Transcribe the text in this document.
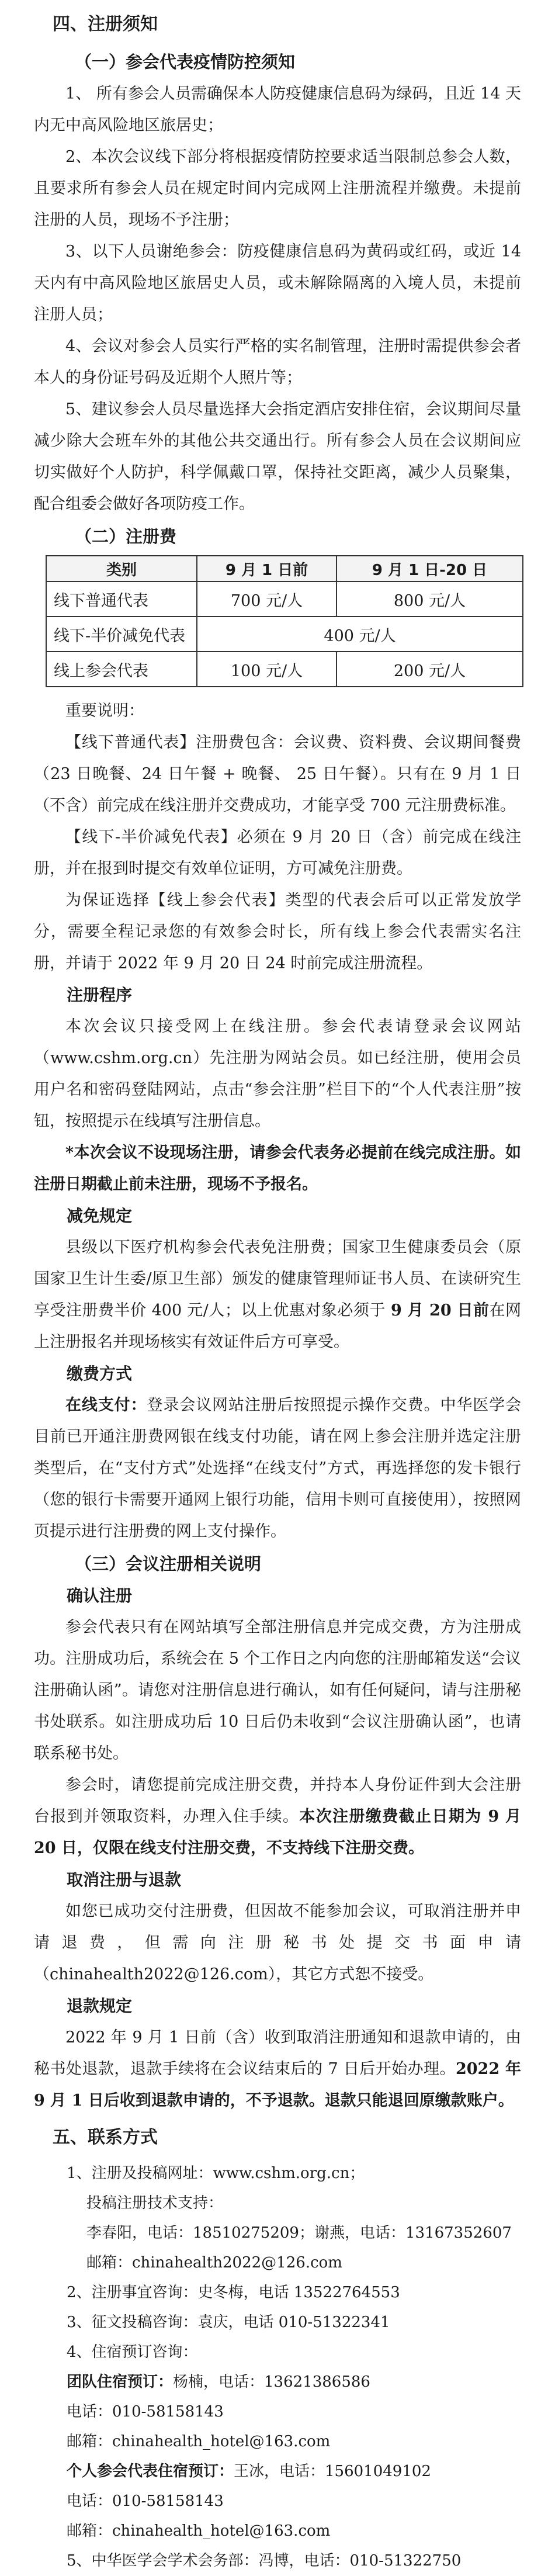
四、注册须知
（一）参会代表疫情防控须知

1、 所有参会人员需确保本人防疫健康信息码为绿码，且近 14 天内无中高风险地区旅居史；

2、本次会议线下部分将根据疫情防控要求适当限制总参会人数，且要求所有参会人员在规定时间内完成网上注册流程并缴费。未提前注册的人员，现场不予注册；

3、以下人员谢绝参会：防疫健康信息码为黄码或红码，或近 14 天内有中高风险地区旅居史人员，或未解除隔离的入境人员，未提前注册人员；

4、会议对参会人员实行严格的实名制管理，注册时需提供参会者本人的身份证号码及近期个人照片等；

5、建议参会人员尽量选择大会指定酒店安排住宿，会议期间尽量减少除大会班车外的其他公共交通出行。所有参会人员在会议期间应切实做好个人防护，科学佩戴口罩，保持社交距离，减少人员聚集，配合组委会做好各项防疫工作。

（二）注册费
类别	9 月 1 日前	9 月 1 日-20 日
线下普通代表	700 元/人	800 元/人
线下-半价减免代表	400 元/人	
线上参会代表	100 元/人	200 元/人

重要说明：

【线下普通代表】注册费包含：会议费、资料费、会议期间餐费（23 日晚餐、24 日午餐 + 晚餐、 25 日午餐）。只有在 9 月 1 日（不含）前完成在线注册并交费成功，才能享受 700 元注册费标准。

【线下-半价减免代表】必须在 9 月 20 日（含）前完成在线注册，并在报到时提交有效单位证明，方可减免注册费。

为保证选择【线上参会代表】类型的代表会后可以正常发放学分，需要全程记录您的有效参会时长，所有线上参会代表需实名注册，并请于 2022 年 9 月 20 日 24 时前完成注册流程。

注册程序

本次会议只接受网上在线注册。参会代表请登录会议网站（www.cshm.org.cn）先注册为网站会员。如已经注册，使用会员用户名和密码登陆网站，点击“参会注册”栏目下的“个人代表注册”按钮，按照提示在线填写注册信息。

*本次会议不设现场注册，请参会代表务必提前在线完成注册。如注册日期截止前未注册，现场不予报名。

减免规定

县级以下医疗机构参会代表免注册费；国家卫生健康委员会（原国家卫生计生委/原卫生部）颁发的健康管理师证书人员、在读研究生享受注册费半价 400 元/人；以上优惠对象必须于 9 月 20 日前在网上注册报名并现场核实有效证件后方可享受。

缴费方式

在线支付：登录会议网站注册后按照提示操作交费。中华医学会目前已开通注册费网银在线支付功能，请在网上参会注册并选定注册类型后，在“支付方式”处选择“在线支付”方式，再选择您的发卡银行（您的银行卡需要开通网上银行功能，信用卡则可直接使用），按照网页提示进行注册费的网上支付操作。

（三）会议注册相关说明
确认注册

参会代表只有在网站填写全部注册信息并完成交费，方为注册成功。注册成功后，系统会在 5 个工作日之内向您的注册邮箱发送“会议注册确认函”。请您对注册信息进行确认，如有任何疑问，请与注册秘书处联系。如注册成功后 10 日后仍未收到“会议注册确认函”，也请联系秘书处。

参会时，请您提前完成注册交费，并持本人身份证件到大会注册台报到并领取资料，办理入住手续。本次注册缴费截止日期为 9 月 20 日，仅限在线支付注册交费，不支持线下注册交费。

取消注册与退款

如您已成功交付注册费，但因故不能参加会议，可取消注册并申请退费，但需向注册秘书处提交书面申请（chinahealth2022@126.com），其它方式恕不接受。

退款规定

2022 年 9 月 1 日前（含）收到取消注册通知和退款申请的，由秘书处退款，退款手续将在会议结束后的 7 日后开始办理。2022 年 9 月 1 日后收到退款申请的，不予退款。退款只能退回原缴款账户。

五、联系方式
1、注册及投稿网址：www.cshm.org.cn；
投稿注册技术支持：
李春阳，电话：18510275209；谢燕，电话：13167352607
邮箱：chinahealth2022@126.com
2、注册事宜咨询：史冬梅，电话 13522764553
3、征文投稿咨询：袁庆，电话 010-51322341
4、住宿预订咨询：
团队住宿预订：杨楠，电话：13621386586
电话：010-58158143
邮箱：chinahealth_hotel@163.com
个人参会代表住宿预订：王冰，电话：15601049102
电话：010-58158143
邮箱：chinahealth_hotel@163.com
5、中华医学会学术会务部：冯博，电话：010-51322750
